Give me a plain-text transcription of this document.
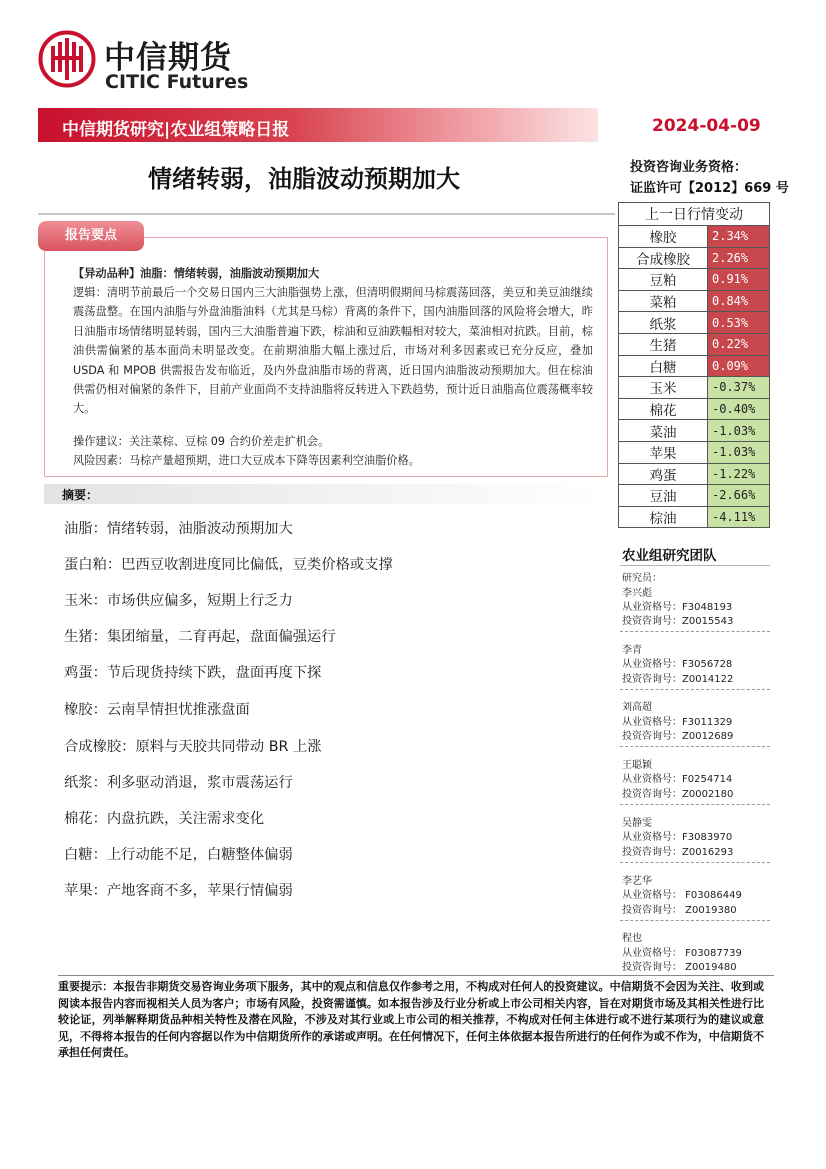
中信期货
CITIC Futures
中信期货研究|农业组策略日报	2024-04-09
情绪转弱，油脂波动预期加大	投资咨询业务资格：
证监许可【2012】669 号
报告要点
【异动品种】油脂：情绪转弱，油脂波动预期加大
逻辑：清明节前最后一个交易日国内三大油脂强势上涨，但清明假期间马棕震荡回落，美豆和美豆油继续震荡盘整。在国内油脂与外盘油脂油料（尤其是马棕）背离的条件下，国内油脂回落的风险将会增大，昨日油脂市场情绪明显转弱，国内三大油脂普遍下跌，棕油和豆油跌幅相对较大，菜油相对抗跌。目前，棕油供需偏紧的基本面尚未明显改变。在前期油脂大幅上涨过后，市场对利多因素或已充分反应，叠加 USDA 和 MPOB 供需报告发布临近，及内外盘油脂市场的背离，近日国内油脂波动预期加大。但在棕油供需仍相对偏紧的条件下，目前产业面尚不支持油脂将反转进入下跌趋势，预计近日油脂高位震荡概率较大。
操作建议：关注菜棕、豆棕 09 合约价差走扩机会。
风险因素：马棕产量超预期，进口大豆成本下降等因素利空油脂价格。
摘要：
油脂：情绪转弱，油脂波动预期加大
蛋白粕：巴西豆收割进度同比偏低，豆类价格或支撑
玉米：市场供应偏多，短期上行乏力
生猪：集团缩量，二育再起，盘面偏强运行
鸡蛋：节后现货持续下跌，盘面再度下探
橡胶：云南旱情担忧推涨盘面
合成橡胶：原料与天胶共同带动 BR 上涨
纸浆：利多驱动消退，浆市震荡运行
棉花：内盘抗跌，关注需求变化
白糖：上行动能不足，白糖整体偏弱
苹果：产地客商不多，苹果行情偏弱
上一日行情变动	
橡胶	2.34%
合成橡胶	2.26%
豆粕	0.91%
菜粕	0.84%
纸浆	0.53%
生猪	0.22%
白糖	0.09%
玉米	-0.37%
棉花	-0.40%
菜油	-1.03%
苹果	-1.03%
鸡蛋	-1.22%
豆油	-2.66%
棕油	-4.11%
农业组研究团队
研究员：
李兴彪
从业资格号：F3048193
投资咨询号：Z0015543
李青
从业资格号：F3056728
投资咨询号：Z0014122
刘高超
从业资格号：F3011329
投资咨询号：Z0012689
王聪颖
从业资格号：F0254714
投资咨询号：Z0002180
吴静雯
从业资格号：F3083970
投资咨询号：Z0016293
李艺华
从业资格号： F03086449
投资咨询号： Z0019380
程也
从业资格号： F03087739
投资咨询号： Z0019480
重要提示：本报告非期货交易咨询业务项下服务，其中的观点和信息仅作参考之用，不构成对任何人的投资建议。中信期货不会因为关注、收到或阅读本报告内容而视相关人员为客户；市场有风险，投资需谨慎。如本报告涉及行业分析或上市公司相关内容，旨在对期货市场及其相关性进行比较论证，列举解释期货品种相关特性及潜在风险，不涉及对其行业或上市公司的相关推荐，不构成对任何主体进行或不进行某项行为的建议或意见，不得将本报告的任何内容据以作为中信期货所作的承诺或声明。在任何情况下，任何主体依据本报告所进行的任何作为或不作为，中信期货不承担任何责任。
